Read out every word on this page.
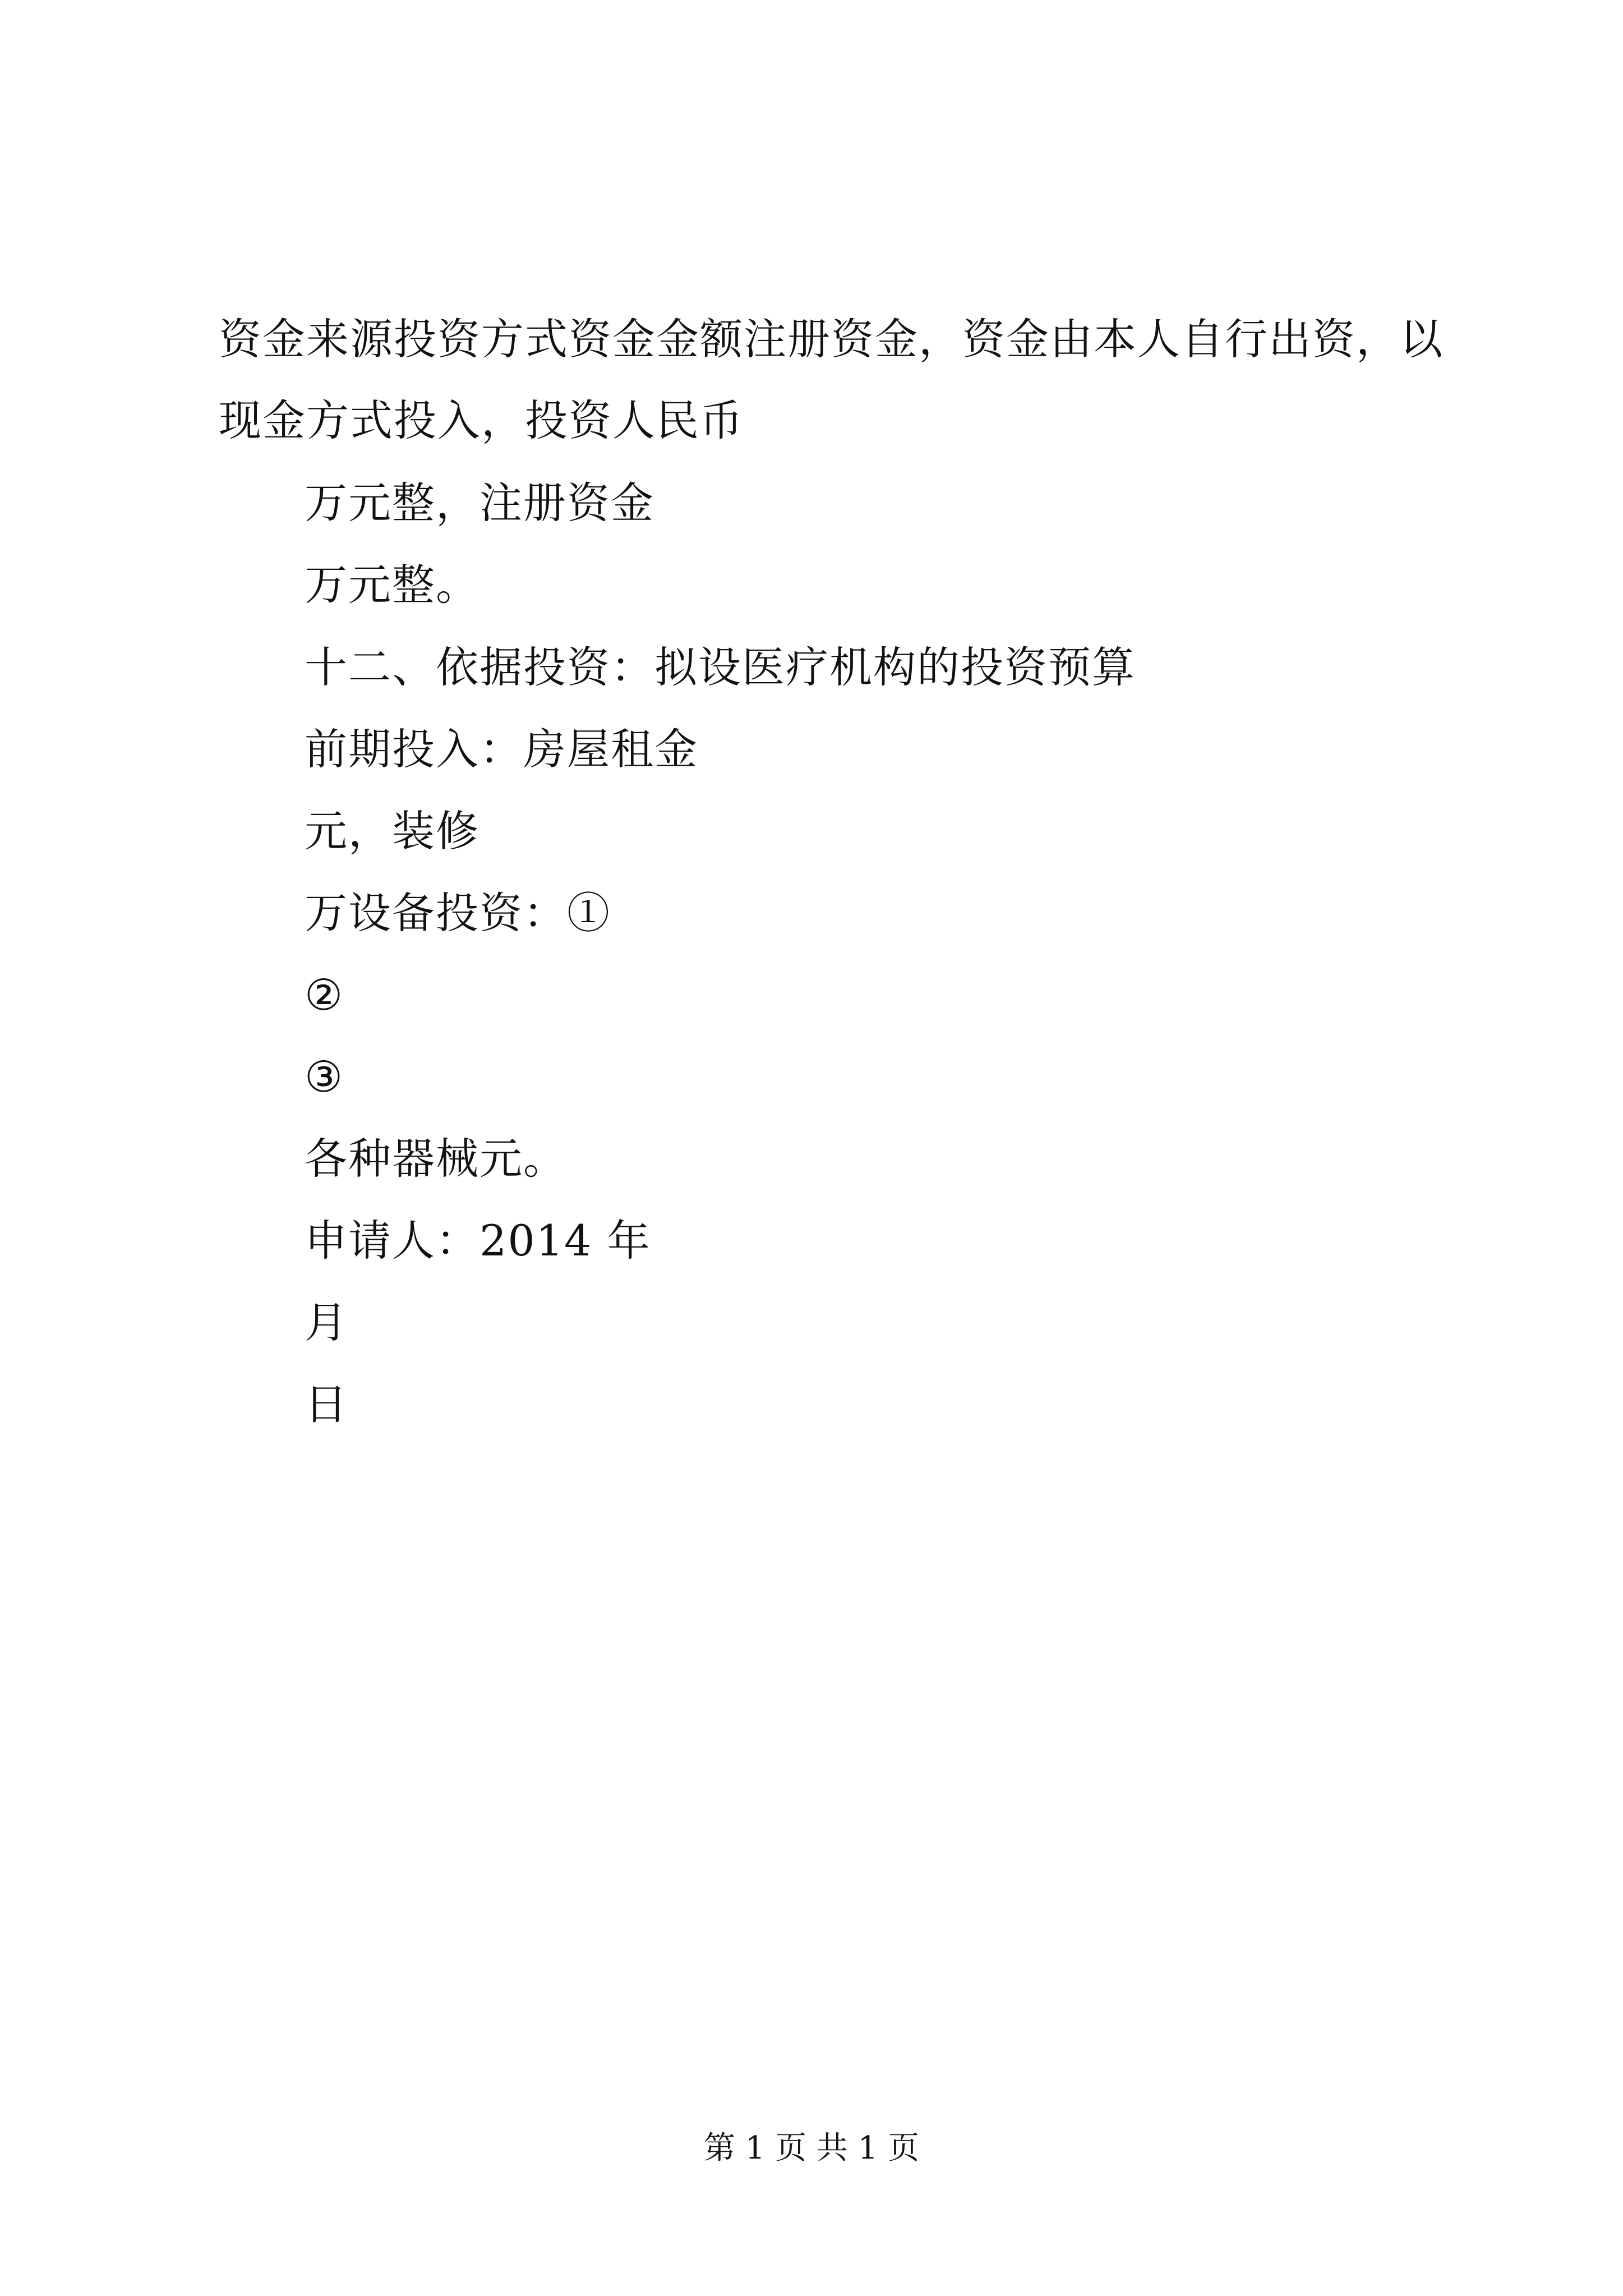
资金来源投资方式资金金额注册资金，资金由本人自行出资，以
现金方式投入，投资人民币
万元整，注册资金
万元整。
十二、依据投资：拟设医疗机构的投资预算
前期投入：房屋租金
元，装修
万设备投资：①
②
③
各种器械元。
申请人：2014 年
月
日
第 1 页 共 1 页
